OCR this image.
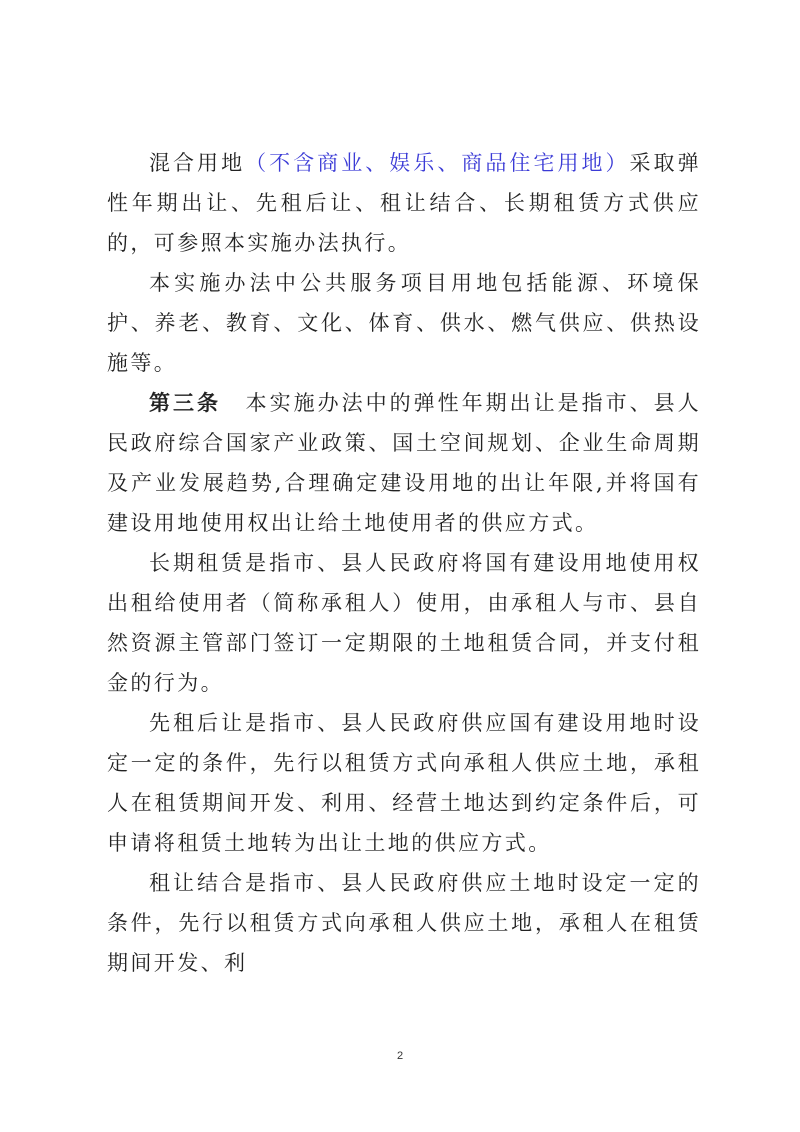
混合用地（不含商业、娱乐、商品住宅用地）采取弹性年期出让、先租后让、租让结合、长期租赁方式供应的，可参照本实施办法执行。

本实施办法中公共服务项目用地包括能源、环境保护、养老、教育、文化、体育、供水、燃气供应、供热设施等。

第三条 本实施办法中的弹性年期出让是指市、县人民政府综合国家产业政策、国土空间规划、企业生命周期及产业发展趋势,合理确定建设用地的出让年限,并将国有建设用地使用权出让给土地使用者的供应方式。

长期租赁是指市、县人民政府将国有建设用地使用权出租给使用者（简称承租人）使用，由承租人与市、县自然资源主管部门签订一定期限的土地租赁合同，并支付租金的行为。

先租后让是指市、县人民政府供应国有建设用地时设定一定的条件，先行以租赁方式向承租人供应土地，承租人在租赁期间开发、利用、经营土地达到约定条件后，可申请将租赁土地转为出让土地的供应方式。

租让结合是指市、县人民政府供应土地时设定一定的条件，先行以租赁方式向承租人供应土地，承租人在租赁期间开发、利

2
